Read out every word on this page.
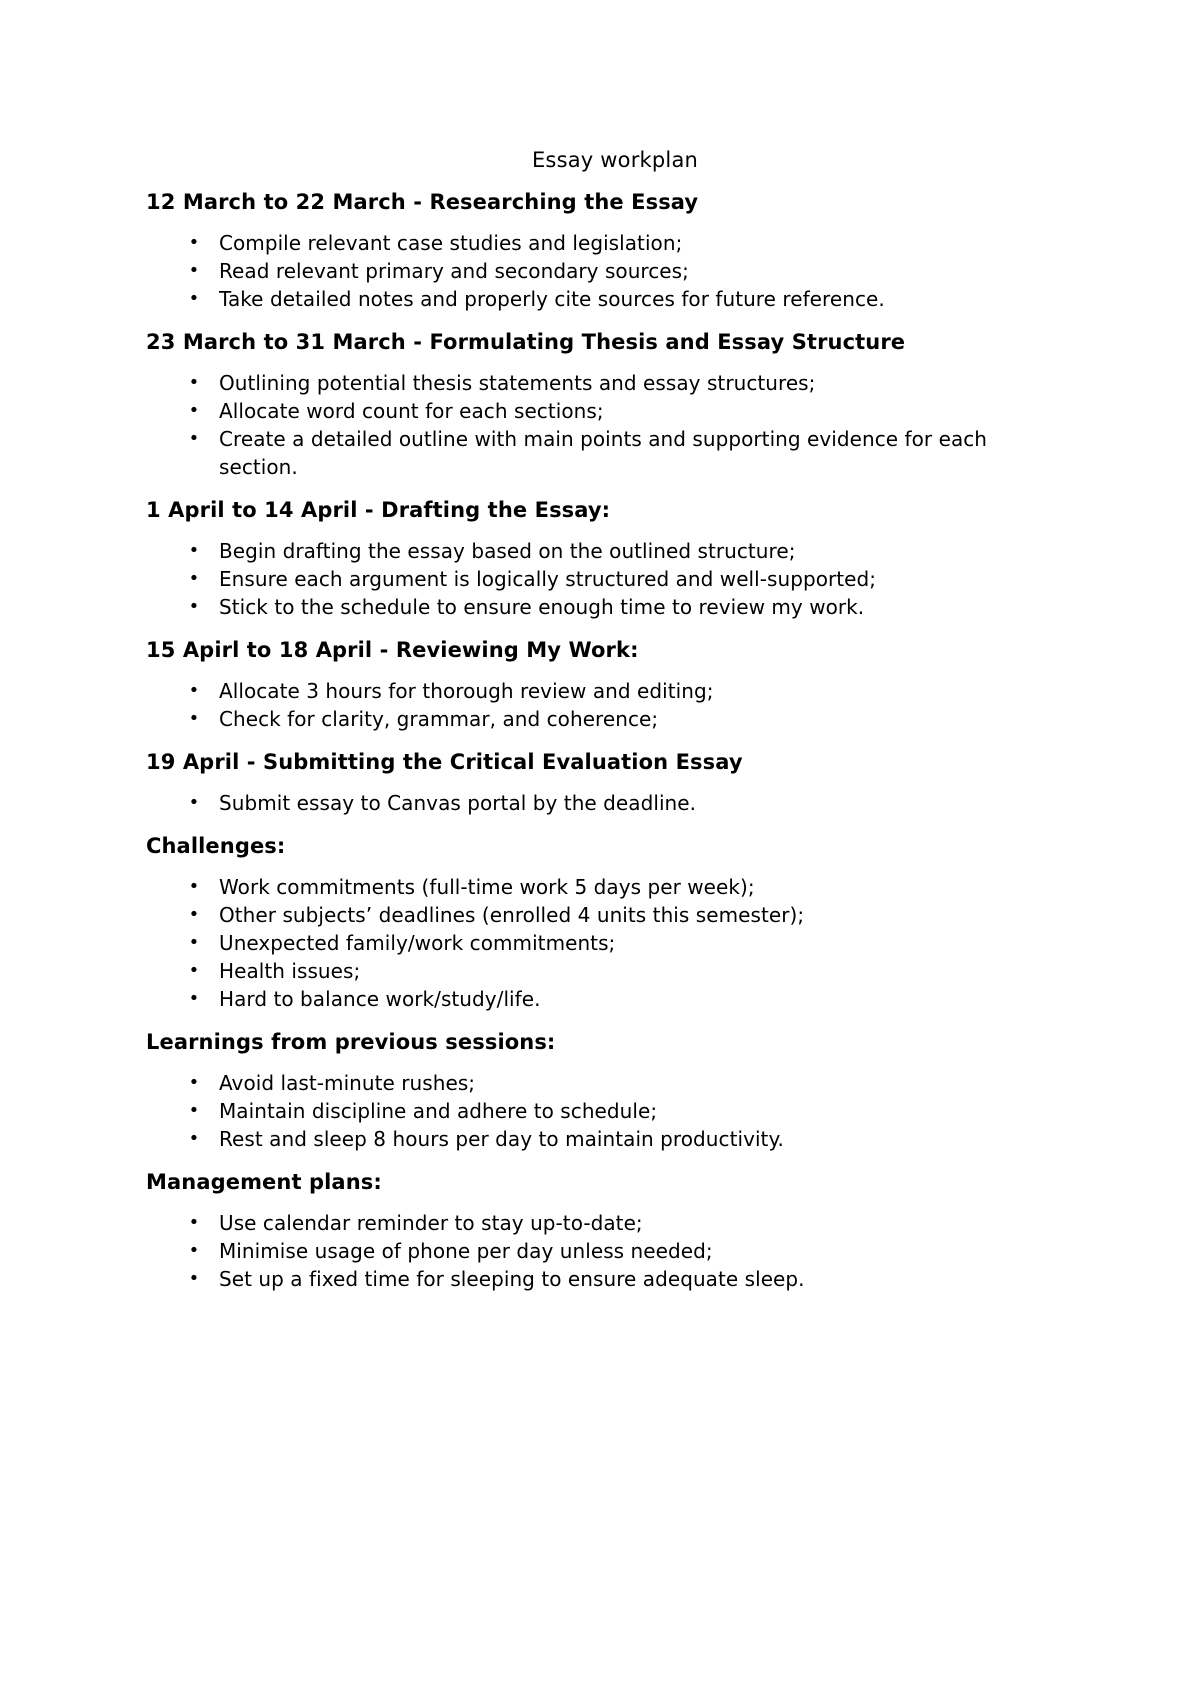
Essay workplan
12 March to 22 March - Researching the Essay
• Compile relevant case studies and legislation;
• Read relevant primary and secondary sources;
• Take detailed notes and properly cite sources for future reference.
23 March to 31 March - Formulating Thesis and Essay Structure
• Outlining potential thesis statements and essay structures;
• Allocate word count for each sections;
• Create a detailed outline with main points and supporting evidence for each section.
1 April to 14 April - Drafting the Essay:
• Begin drafting the essay based on the outlined structure;
• Ensure each argument is logically structured and well-supported;
• Stick to the schedule to ensure enough time to review my work.
15 Apirl to 18 April - Reviewing My Work:
• Allocate 3 hours for thorough review and editing;
• Check for clarity, grammar, and coherence;
19 April - Submitting the Critical Evaluation Essay
• Submit essay to Canvas portal by the deadline.
Challenges:
• Work commitments (full-time work 5 days per week);
• Other subjects’ deadlines (enrolled 4 units this semester);
• Unexpected family/work commitments;
• Health issues;
• Hard to balance work/study/life.
Learnings from previous sessions:
• Avoid last-minute rushes;
• Maintain discipline and adhere to schedule;
• Rest and sleep 8 hours per day to maintain productivity.
Management plans:
• Use calendar reminder to stay up-to-date;
• Minimise usage of phone per day unless needed;
• Set up a fixed time for sleeping to ensure adequate sleep.
